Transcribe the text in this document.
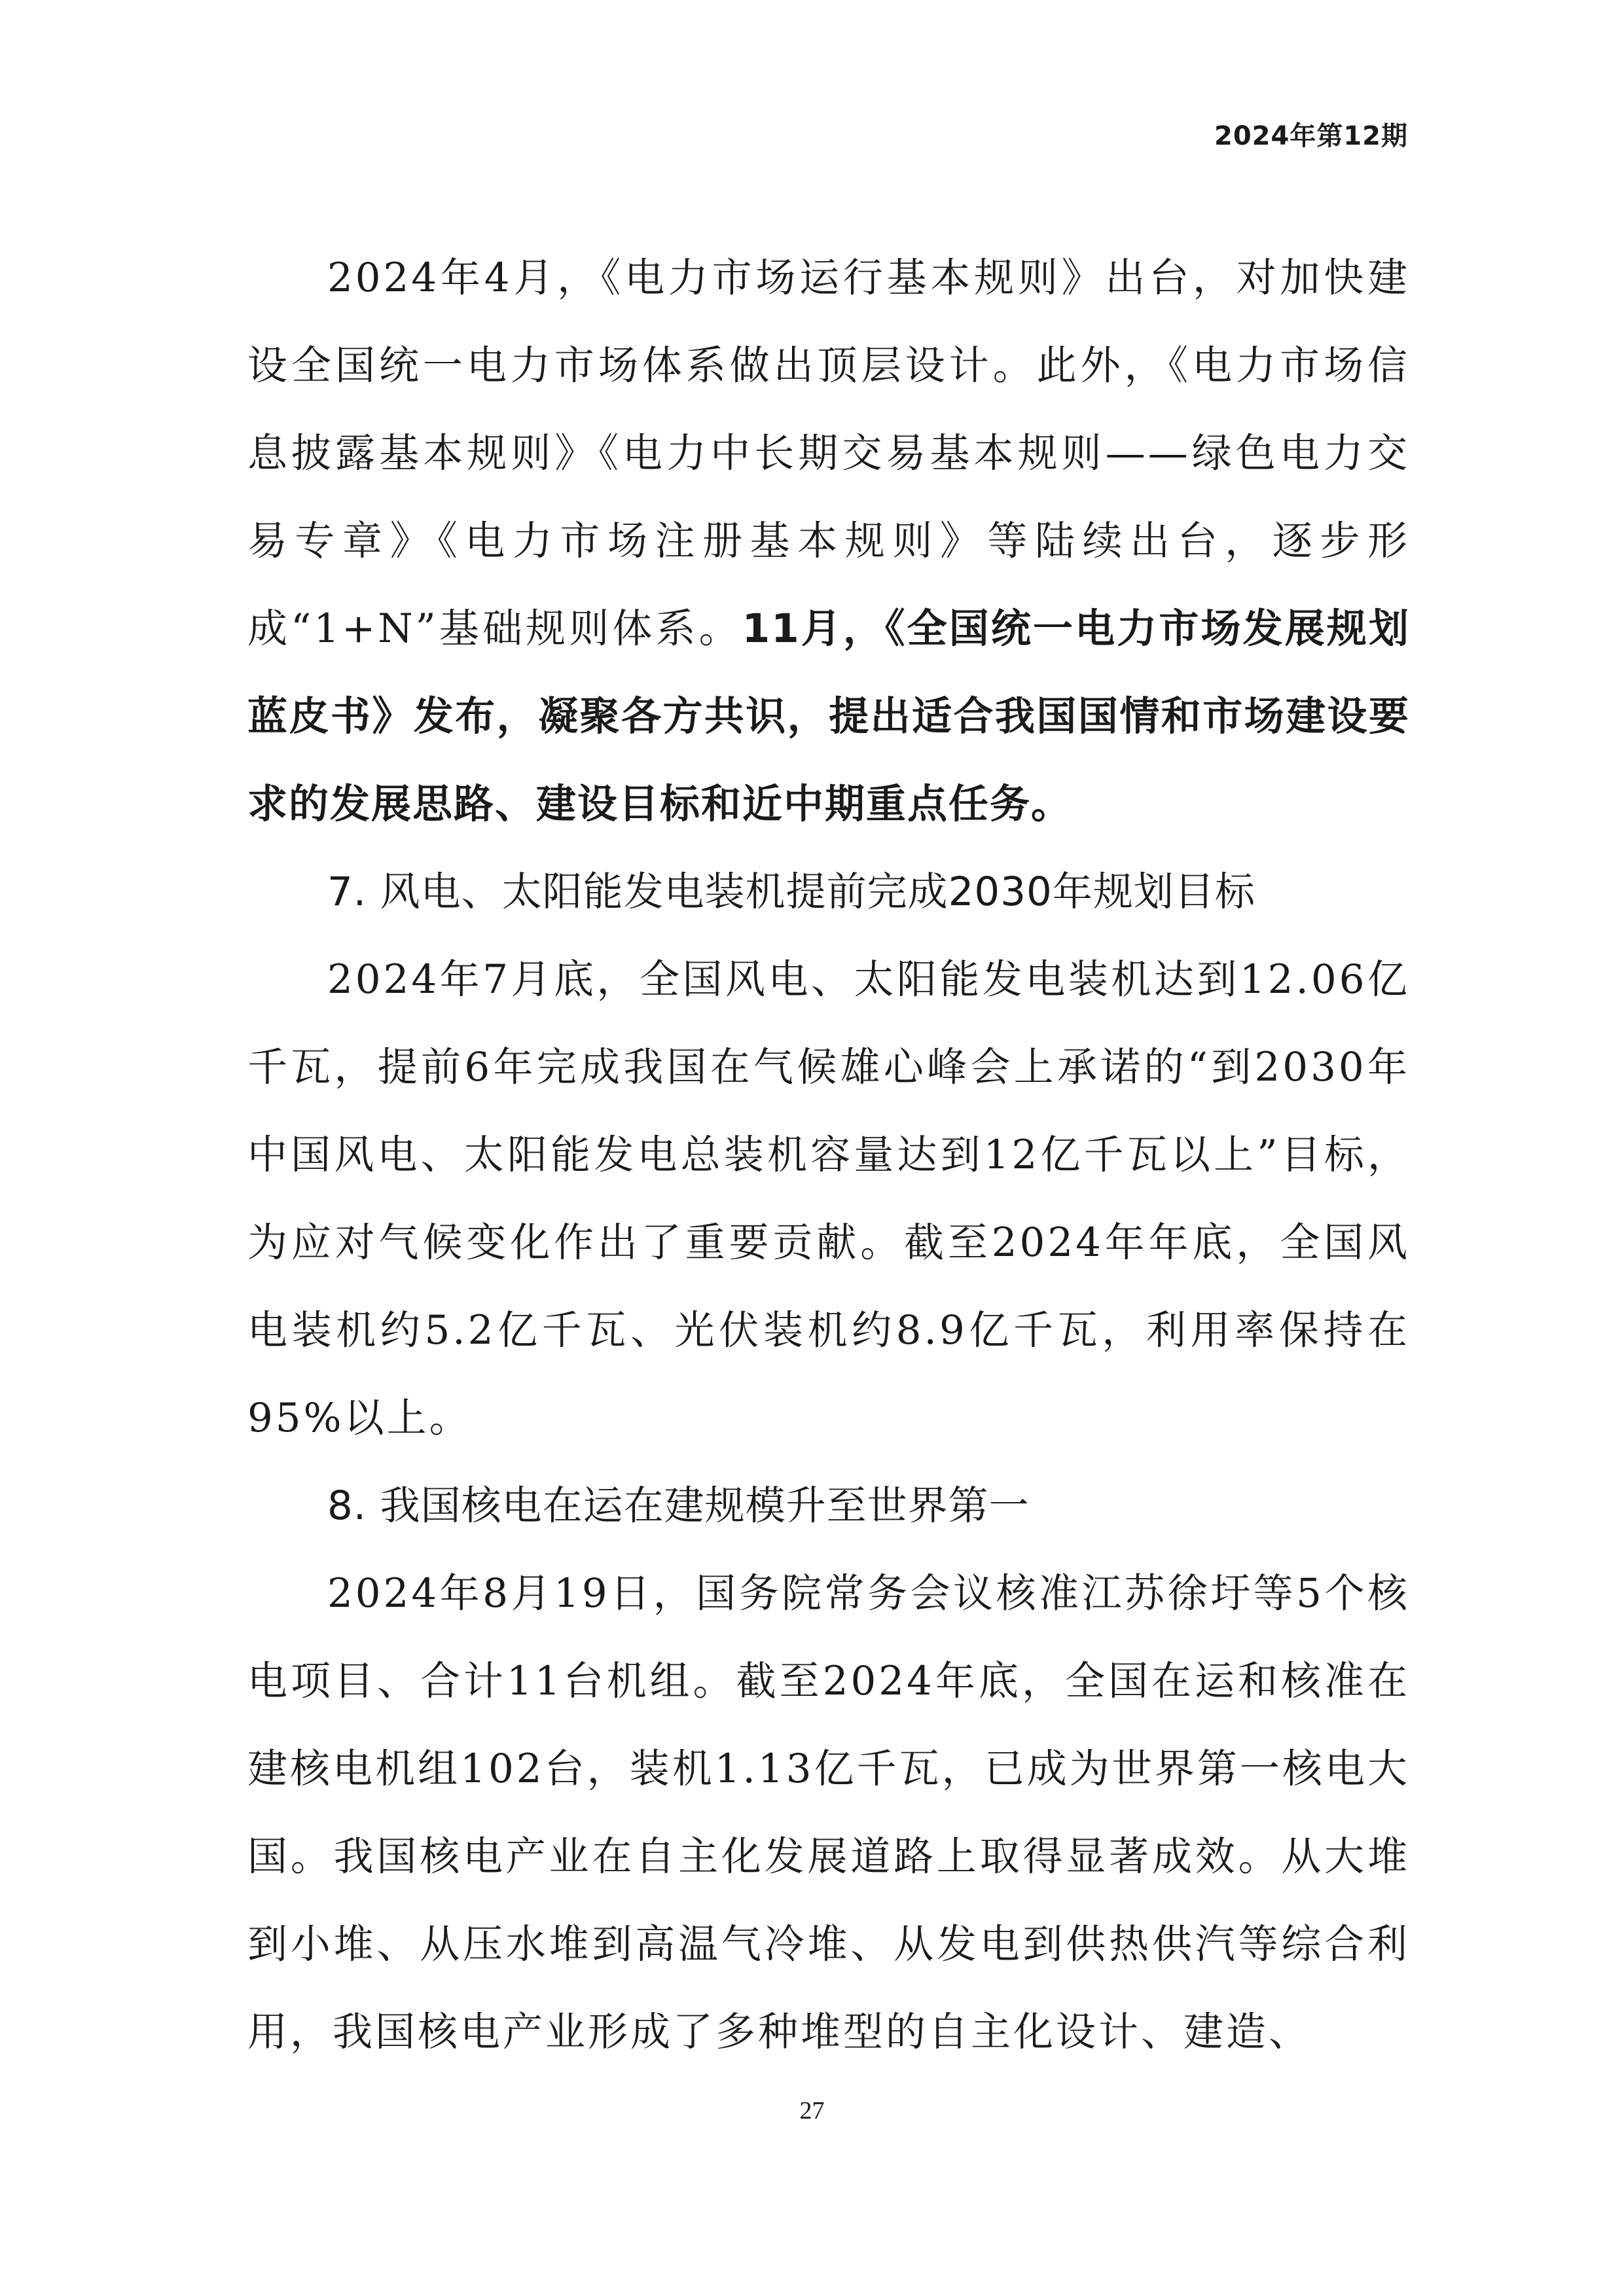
2024年第12期

2024年4月，《电力市场运行基本规则》出台，对加快建设全国统一电力市场体系做出顶层设计。此外，《电力市场信息披露基本规则》《电力中长期交易基本规则——绿色电力交易专章》《电力市场注册基本规则》等陆续出台，逐步形成“1+N”基础规则体系。11月，《全国统一电力市场发展规划蓝皮书》发布，凝聚各方共识，提出适合我国国情和市场建设要求的发展思路、建设目标和近中期重点任务。

7. 风电、太阳能发电装机提前完成2030年规划目标

2024年7月底，全国风电、太阳能发电装机达到12.06亿千瓦，提前6年完成我国在气候雄心峰会上承诺的“到2030年中国风电、太阳能发电总装机容量达到12亿千瓦以上”目标，为应对气候变化作出了重要贡献。截至2024年年底，全国风电装机约5.2亿千瓦、光伏装机约8.9亿千瓦，利用率保持在95%以上。

8. 我国核电在运在建规模升至世界第一

2024年8月19日，国务院常务会议核准江苏徐圩等5个核电项目、合计11台机组。截至2024年底，全国在运和核准在建核电机组102台，装机1.13亿千瓦，已成为世界第一核电大国。我国核电产业在自主化发展道路上取得显著成效。从大堆到小堆、从压水堆到高温气冷堆、从发电到供热供汽等综合利用，我国核电产业形成了多种堆型的自主化设计、建造、

27
